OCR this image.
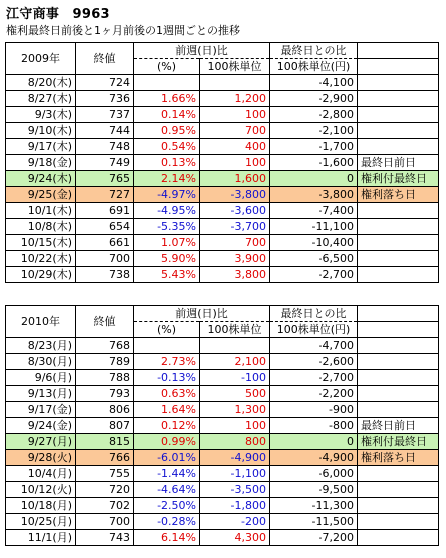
江守商事　9963
権利最終日前後と1ヶ月前後の1週間ごとの推移
2009年	終値	前週(日)比		最終日との比	
		(%)	100株単位	100株単位(円)	
8/20(木)	724			-4,100	
8/27(木)	736	1.66%	1,200	-2,900	
9/3(木)	737	0.14%	100	-2,800	
9/10(木)	744	0.95%	700	-2,100	
9/17(木)	748	0.54%	400	-1,700	
9/18(金)	749	0.13%	100	-1,600	最終日前日
9/24(木)	765	2.14%	1,600	0	権利付最終日
9/25(金)	727	-4.97%	-3,800	-3,800	権利落ち日
10/1(木)	691	-4.95%	-3,600	-7,400	
10/8(木)	654	-5.35%	-3,700	-11,100	
10/15(木)	661	1.07%	700	-10,400	
10/22(木)	700	5.90%	3,900	-6,500	
10/29(木)	738	5.43%	3,800	-2,700	
2010年	終値	前週(日)比		最終日との比	
		(%)	100株単位	100株単位(円)	
8/23(月)	768			-4,700	
8/30(月)	789	2.73%	2,100	-2,600	
9/6(月)	788	-0.13%	-100	-2,700	
9/13(月)	793	0.63%	500	-2,200	
9/17(金)	806	1.64%	1,300	-900	
9/24(金)	807	0.12%	100	-800	最終日前日
9/27(月)	815	0.99%	800	0	権利付最終日
9/28(火)	766	-6.01%	-4,900	-4,900	権利落ち日
10/4(月)	755	-1.44%	-1,100	-6,000	
10/12(火)	720	-4.64%	-3,500	-9,500	
10/18(月)	702	-2.50%	-1,800	-11,300	
10/25(月)	700	-0.28%	-200	-11,500	
11/1(月)	743	6.14%	4,300	-7,200	
